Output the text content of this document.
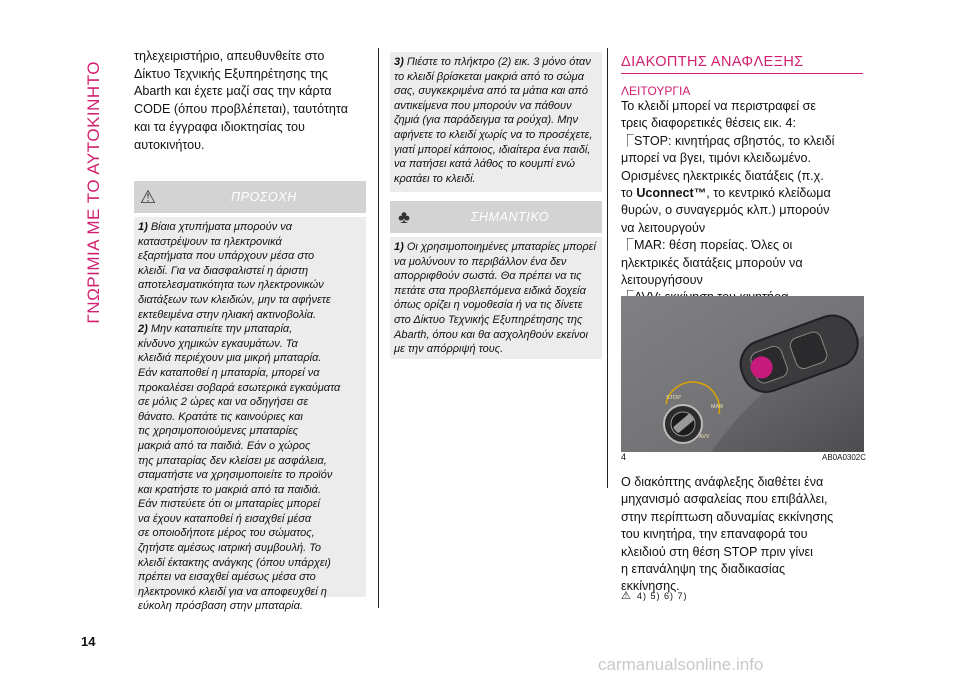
ΓΝΩΡΙΜΙΑ ΜΕ ΤΟ ΑΥΤΟΚΙΝΗΤΟ
14
τηλεχειριστήριο, απευθυνθείτε στο
Δίκτυο Τεχνικής Εξυπηρέτησης της
Abarth και έχετε μαζί σας την κάρτα
CODE (όπου προβλέπεται), ταυτότητα
και τα έγγραφα ιδιοκτησίας του
αυτοκινήτου.
⚠	ΠΡΟΣΟΧΗ
1) Βίαια χτυπήματα μπορούν να
καταστρέψουν τα ηλεκτρονικά
εξαρτήματα που υπάρχουν μέσα στο
κλειδί. Για να διασφαλιστεί η άριστη
αποτελεσματικότητα των ηλεκτρονικών
διατάξεων των κλειδιών, μην τα αφήνετε
εκτεθειμένα στην ηλιακή ακτινοβολία.
2) Μην καταπιείτε την μπαταρία,
κίνδυνο χημικών εγκαυμάτων. Τα
κλειδιά περιέχουν μια μικρή μπαταρία.
Εάν καταποθεί η μπαταρία, μπορεί να
προκαλέσει σοβαρά εσωτερικά εγκαύματα
σε μόλις 2 ώρες και να οδηγήσει σε
θάνατο. Κρατάτε τις καινούριες και
τις χρησιμοποιούμενες μπαταρίες
μακριά από τα παιδιά. Εάν ο χώρος
της μπαταρίας δεν κλείσει με ασφάλεια,
σταματήστε να χρησιμοποιείτε το προϊόν
και κρατήστε το μακριά από τα παιδιά.
Εάν πιστεύετε ότι οι μπαταρίες μπορεί
να έχουν καταποθεί ή εισαχθεί μέσα
σε οποιοδήποτε μέρος του σώματος,
ζητήστε αμέσως ιατρική συμβουλή. Το
κλειδί έκτακτης ανάγκης (όπου υπάρχει)
πρέπει να εισαχθεί αμέσως μέσα στο
ηλεκτρονικό κλειδί για να αποφευχθεί η
εύκολη πρόσβαση στην μπαταρία.
3) Πιέστε το πλήκτρο (2) εικ. 3 μόνο όταν
το κλειδί βρίσκεται μακριά από το σώμα
σας, συγκεκριμένα από τα μάτια και από
αντικείμενα που μπορούν να πάθουν
ζημιά (για παράδειγμα τα ρούχα). Μην
αφήνετε το κλειδί χωρίς να το προσέχετε,
γιατί μπορεί κάποιος, ιδιαίτερα ένα παιδί,
να πατήσει κατά λάθος το κουμπί ενώ
κρατάει το κλειδί.
♣	ΣΗΜΑΝΤΙΚΟ
1) Οι χρησιμοποιημένες μπαταρίες μπορεί
να μολύνουν το περιβάλλον ένα δεν
απορριφθούν σωστά. Θα πρέπει να τις
πετάτε στα προβλεπόμενα ειδικά δοχεία
όπως ορίζει η νομοθεσία ή να τις δίνετε
στο Δίκτυο Τεχνικής Εξυπηρέτησης της
Abarth, όπου και θα ασχοληθούν εκείνοι
με την απόρριψή τους.
ΔΙΑΚΟΠΤΗΣ ΑΝΑΦΛΕΞΗΣ
ΛΕΙΤΟΥΡΓΙΑ
Το κλειδί μπορεί να περιστραφεί σε
τρεις διαφορετικές θέσεις εικ. 4:
⎾STOP: κινητήρας σβηστός, το κλειδί
μπορεί να βγει, τιμόνι κλειδωμένο.
Ορισμένες ηλεκτρικές διατάξεις (π.χ.
το Uconnect™, το κεντρικό κλείδωμα
θυρών, ο συναγερμός κλπ.) μπορούν
να λειτουργούν
⎾MAR: θέση πορείας. Όλες οι
ηλεκτρικές διατάξεις μπορούν να
λειτουργήσουν
STOP
MAR
AVV
4	AB0A0302C
Ο διακόπτης ανάφλεξης διαθέτει ένα
μηχανισμό ασφαλείας που επιβάλλει,
στην περίπτωση αδυναμίας εκκίνησης
του κινητήρα, την επαναφορά του
κλειδιού στη θέση STOP πριν γίνει
η επανάληψη της διαδικασίας
εκκίνησης.
⚠ 4) 5) 6) 7)
carmanualsonline.info
